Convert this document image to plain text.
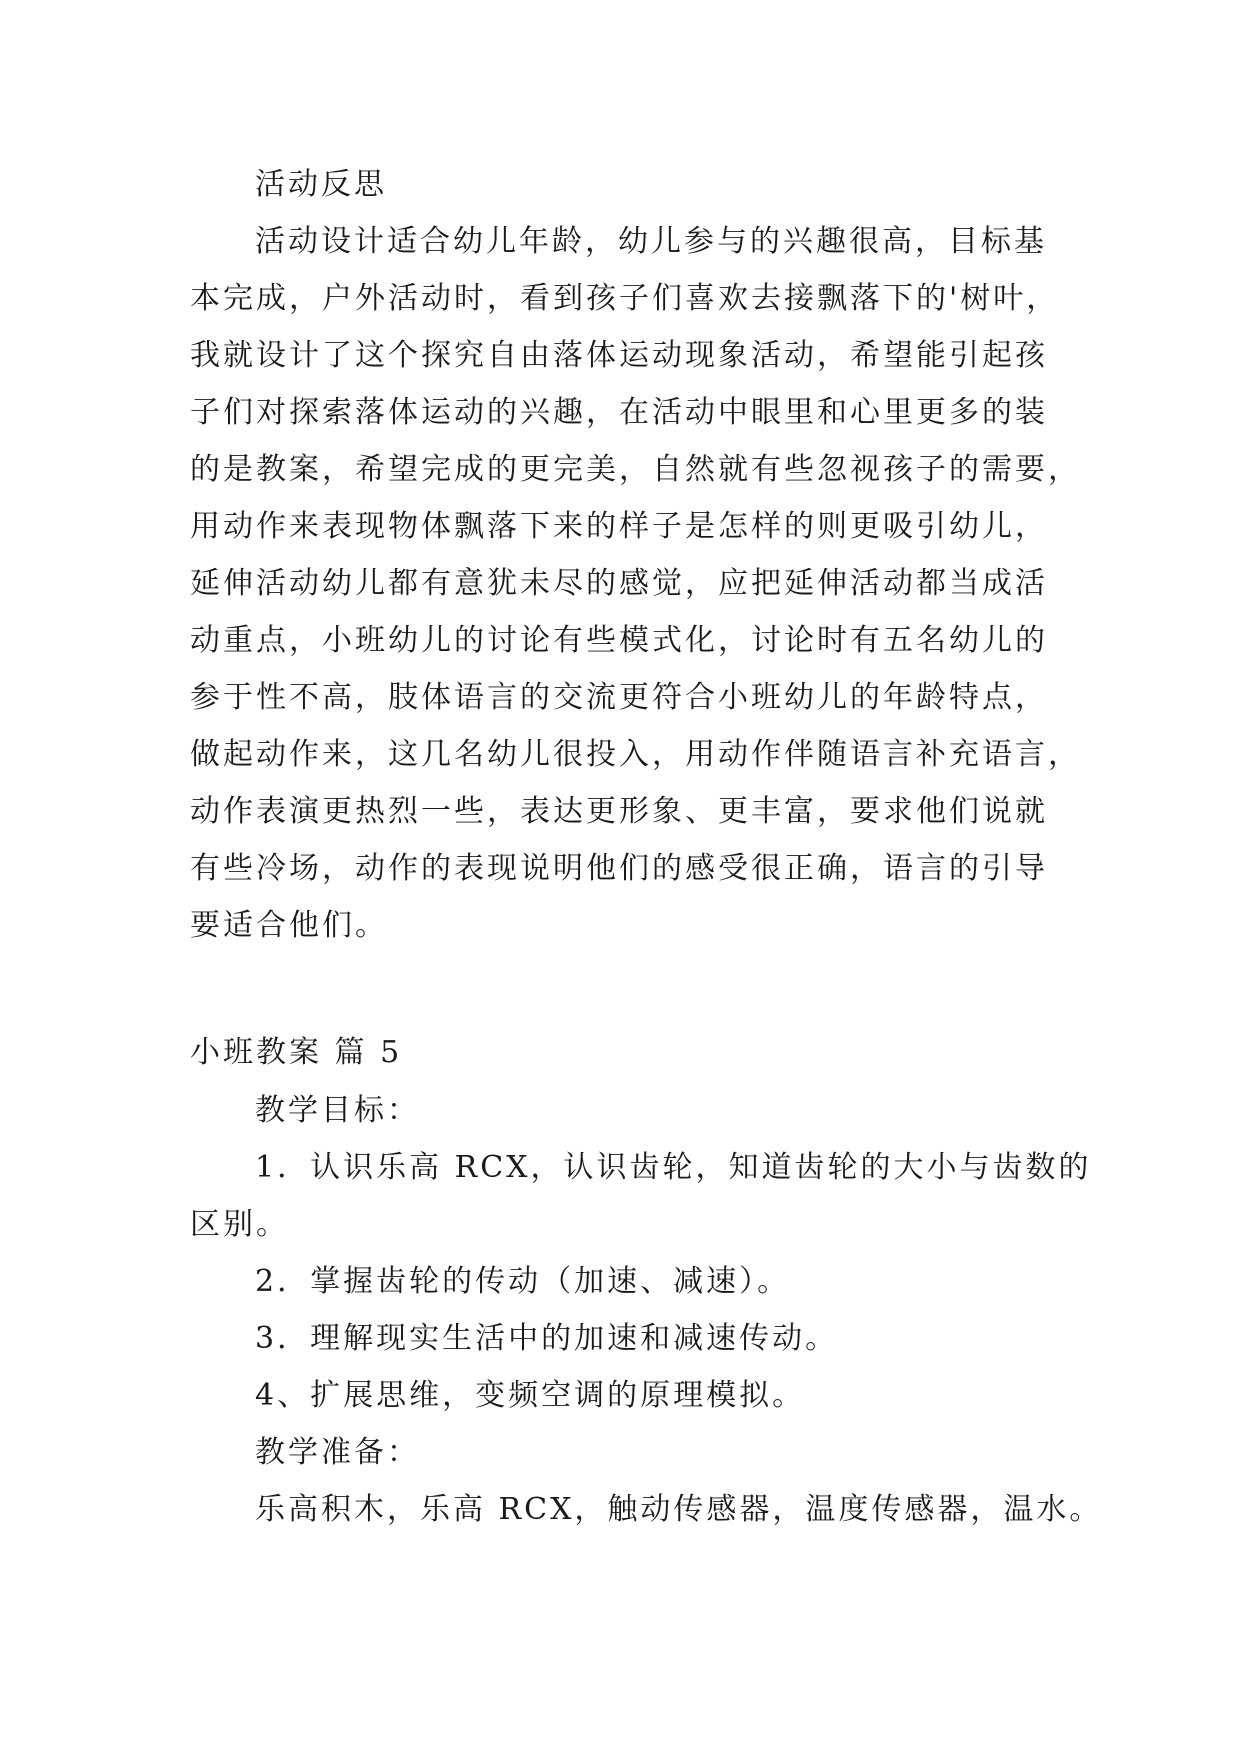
活动反思
活动设计适合幼儿年龄，幼儿参与的兴趣很高，目标基
本完成，户外活动时，看到孩子们喜欢去接飘落下的'树叶，
我就设计了这个探究自由落体运动现象活动，希望能引起孩
子们对探索落体运动的兴趣，在活动中眼里和心里更多的装
的是教案，希望完成的更完美，自然就有些忽视孩子的需要，
用动作来表现物体飘落下来的样子是怎样的则更吸引幼儿，
延伸活动幼儿都有意犹未尽的感觉，应把延伸活动都当成活
动重点，小班幼儿的讨论有些模式化，讨论时有五名幼儿的
参于性不高，肢体语言的交流更符合小班幼儿的年龄特点，
做起动作来，这几名幼儿很投入，用动作伴随语言补充语言，
动作表演更热烈一些，表达更形象、更丰富，要求他们说就
有些冷场，动作的表现说明他们的感受很正确，语言的引导
要适合他们。
小班教案 篇 5
教学目标：
1．认识乐高 RCX，认识齿轮，知道齿轮的大小与齿数的
区别。
2．掌握齿轮的传动（加速、减速）。
3．理解现实生活中的加速和减速传动。
4、扩展思维，变频空调的原理模拟。
教学准备：
乐高积木，乐高 RCX，触动传感器，温度传感器，温水。
